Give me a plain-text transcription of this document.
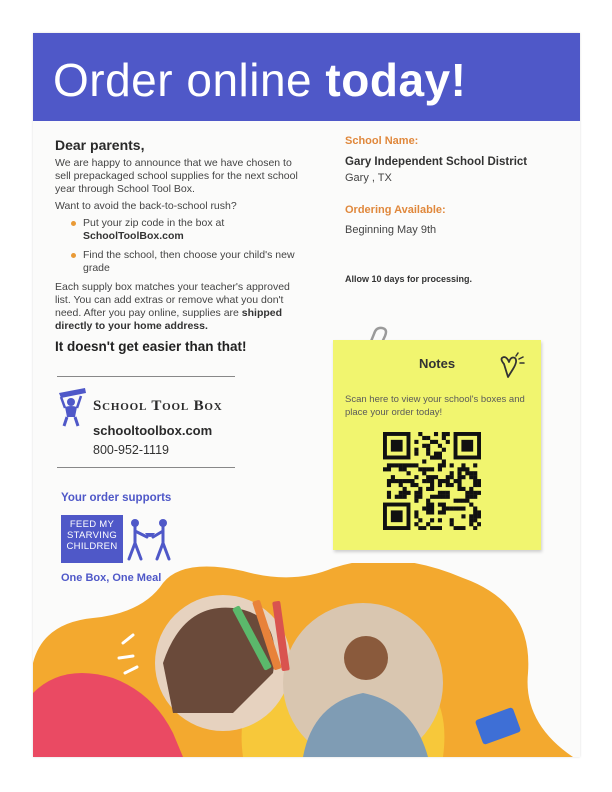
Order online today!

Dear parents,

We are happy to announce that we have chosen to sell prepackaged school supplies for the next school year through School Tool Box.

Want to avoid the back-to-school rush?

Put your zip code in the box at
SchoolToolBox.com
Find the school, then choose your child's new grade

Each supply box matches your teacher's approved list. You can add extras or remove what you don't need. After you pay online, supplies are shipped directly to your home address.

It doesn't get easier than that!

School Tool Box
schooltoolbox.com
800-952-1119
Your order supports
FEED MY
STARVING
CHILDREN
One Box, One Meal

School Name:

Gary Independent School District

Gary , TX

Ordering Available:

Beginning May 9th

Allow 10 days for processing.

Notes
Scan here to view your school's boxes and place your order today!
